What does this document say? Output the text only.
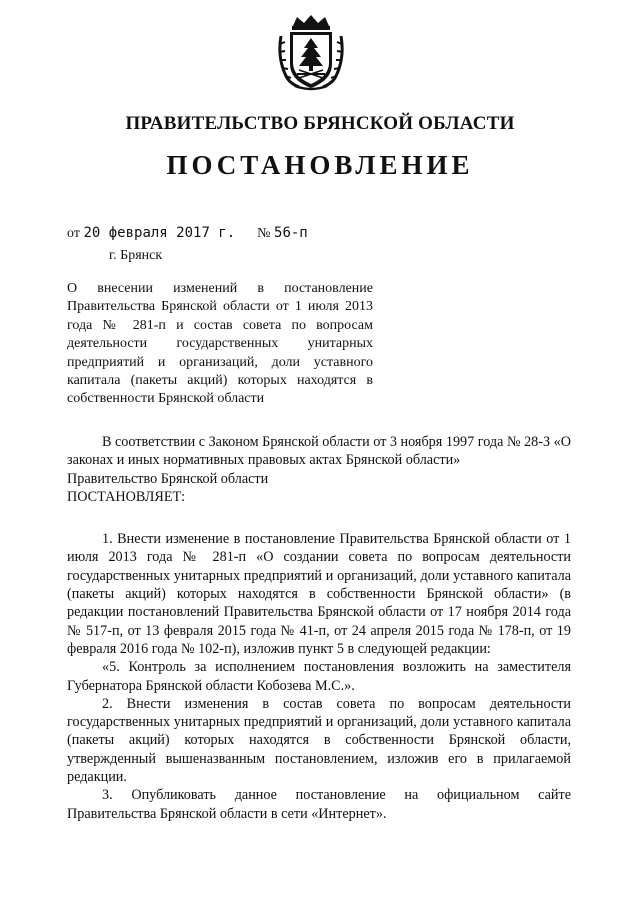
ПРАВИТЕЛЬСТВО БРЯНСКОЙ ОБЛАСТИ
ПОСТАНОВЛЕНИЕ
от 20 февраля 2017 г. № 56-п
г. Брянск

О внесении изменений в постановление Правительства Брянской области от 1 июля 2013 года № 281-п и состав совета по вопросам деятельности государственных унитарных предприятий и организаций, доли уставного капитала (пакеты акций) которых находятся в собственности Брянской области

В соответствии с Законом Брянской области от 3 ноября 1997 года № 28-З «О законах и иных нормативных правовых актах Брянской области»

Правительство Брянской области

ПОСТАНОВЛЯЕТ:

1. Внести изменение в постановление Правительства Брянской области от 1 июля 2013 года № 281-п «О создании совета по вопросам деятельности государственных унитарных предприятий и организаций, доли уставного капитала (пакеты акций) которых находятся в собственности Брянской области» (в редакции постановлений Правительства Брянской области от 17 ноября 2014 года № 517-п, от 13 февраля 2015 года № 41-п, от 24 апреля 2015 года № 178-п, от 19 февраля 2016 года № 102-п), изложив пункт 5 в следующей редакции:

«5. Контроль за исполнением постановления возложить на заместителя Губернатора Брянской области Кобозева М.С.».

2. Внести изменения в состав совета по вопросам деятельности государственных унитарных предприятий и организаций, доли уставного капитала (пакеты акций) которых находятся в собственности Брянской области, утвержденный вышеназванным постановлением, изложив его в прилагаемой редакции.

3. Опубликовать данное постановление на официальном сайте Правительства Брянской области в сети «Интернет».
